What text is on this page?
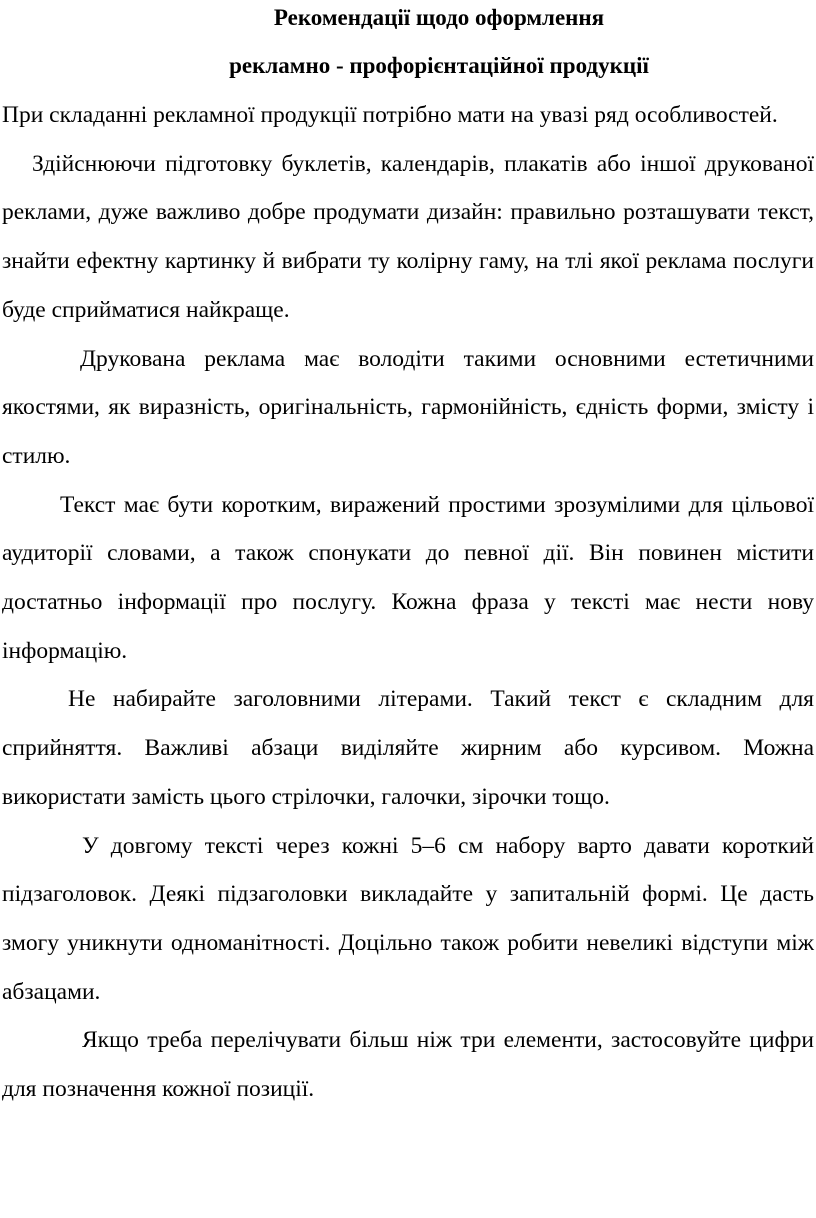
Рекомендації щодо оформлення
рекламно - профорієнтаційної продукції

При складанні рекламної продукції потрібно мати на увазі ряд особливостей.

Здійснюючи підготовку буклетів, календарів, плакатів або іншої друкованої реклами, дуже важливо добре продумати дизайн: правильно розташувати текст, знайти ефектну картинку й вибрати ту колірну гаму, на тлі якої реклама послуги буде сприйматися найкраще.

Друкована реклама має володіти такими основними естетичними якостями, як виразність, оригінальність, гармонійність, єдність форми, змісту і стилю.

Текст має бути коротким, виражений простими зрозумілими для цільової аудиторії словами, а також спонукати до певної дії. Він повинен містити достатньо інформації про послугу. Кожна фраза у тексті має нести нову інформацію.

Не набирайте заголовними літерами. Такий текст є складним для сприйняття. Важливі абзаци виділяйте жирним або курсивом. Можна використати замість цього стрілочки, галочки, зірочки тощо.

У довгому тексті через кожні 5–6 см набору варто давати короткий підзаголовок. Деякі підзаголовки викладайте у запитальній формі. Це дасть змогу уникнути одноманітності. Доцільно також робити невеликі відступи між абзацами.

Якщо треба перелічувати більш ніж три елементи, застосовуйте цифри для позначення кожної позиції.
